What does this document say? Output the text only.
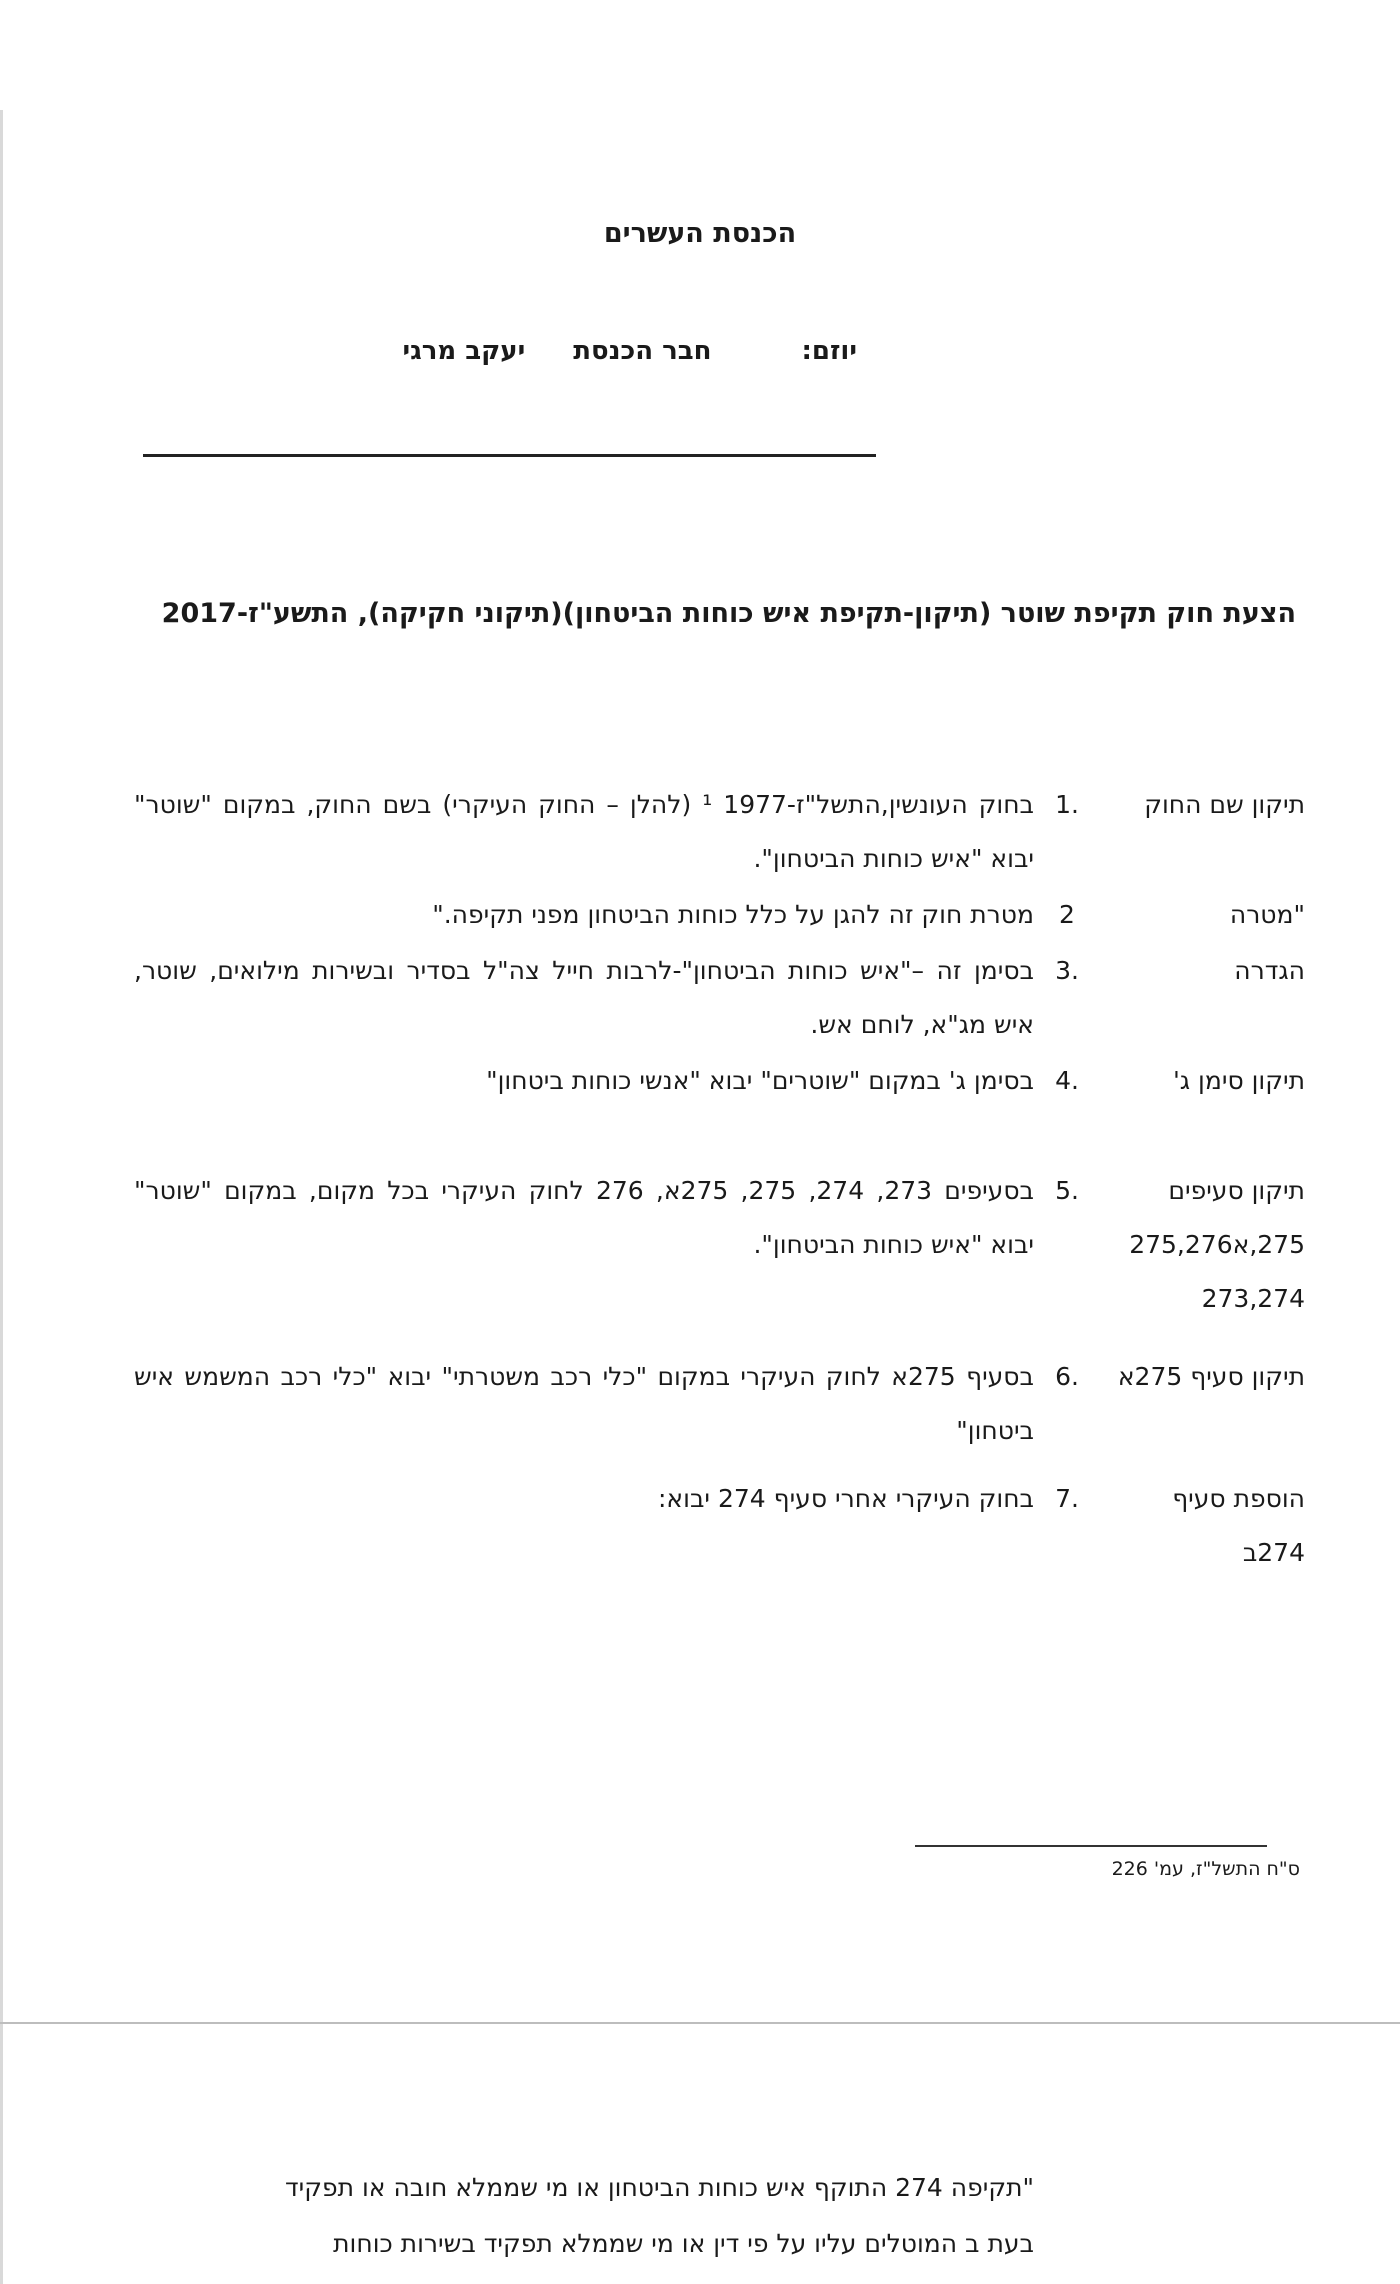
הכנסת העשרים
יוזם:חבר הכנסתיעקב מרגי
הצעת חוק תקיפת שוטר (תיקון-תקיפת איש כוחות הביטחון)(תיקוני חקיקה), התשע"ז-2017
תיקון שם החוק
1.
בחוק העונשין,התשל"ז-1977 ¹ (להלן – החוק העיקרי) בשם החוק, במקום "שוטר" יבוא "איש כוחות הביטחון".
"מטרה
2
מטרת חוק זה להגן על כלל כוחות הביטחון מפני תקיפה."
הגדרה
3.
בסימן זה –"איש כוחות הביטחון"-לרבות חייל צה"ל בסדיר ובשירות מילואים, שוטר, איש מג"א, לוחם אש.
תיקון סימן ג'
4.
בסימן ג' במקום "שוטרים" יבוא "אנשי כוחות ביטחון"
תיקון סעיפים 275,א275,276 273,274
5.
בסעיפים 273, 274, 275, 275א, 276 לחוק העיקרי בכל מקום, במקום "שוטר" יבוא "איש כוחות הביטחון".
תיקון סעיף 275א
6.
בסעיף 275א לחוק העיקרי במקום "כלי רכב משטרתי" יבוא "כלי רכב המשמש איש ביטחון"
הוספת סעיף 274ב
7.
בחוק העיקרי אחרי סעיף 274 יבוא:
ס"ח התשל"ז, עמ' 226
"תקיפה 274 התוקף איש כוחות הביטחון או מי שממלא חובה או תפקיד
בעת ב המוטלים עליו על פי דין או מי שממלא תפקיד בשירות כוחות
